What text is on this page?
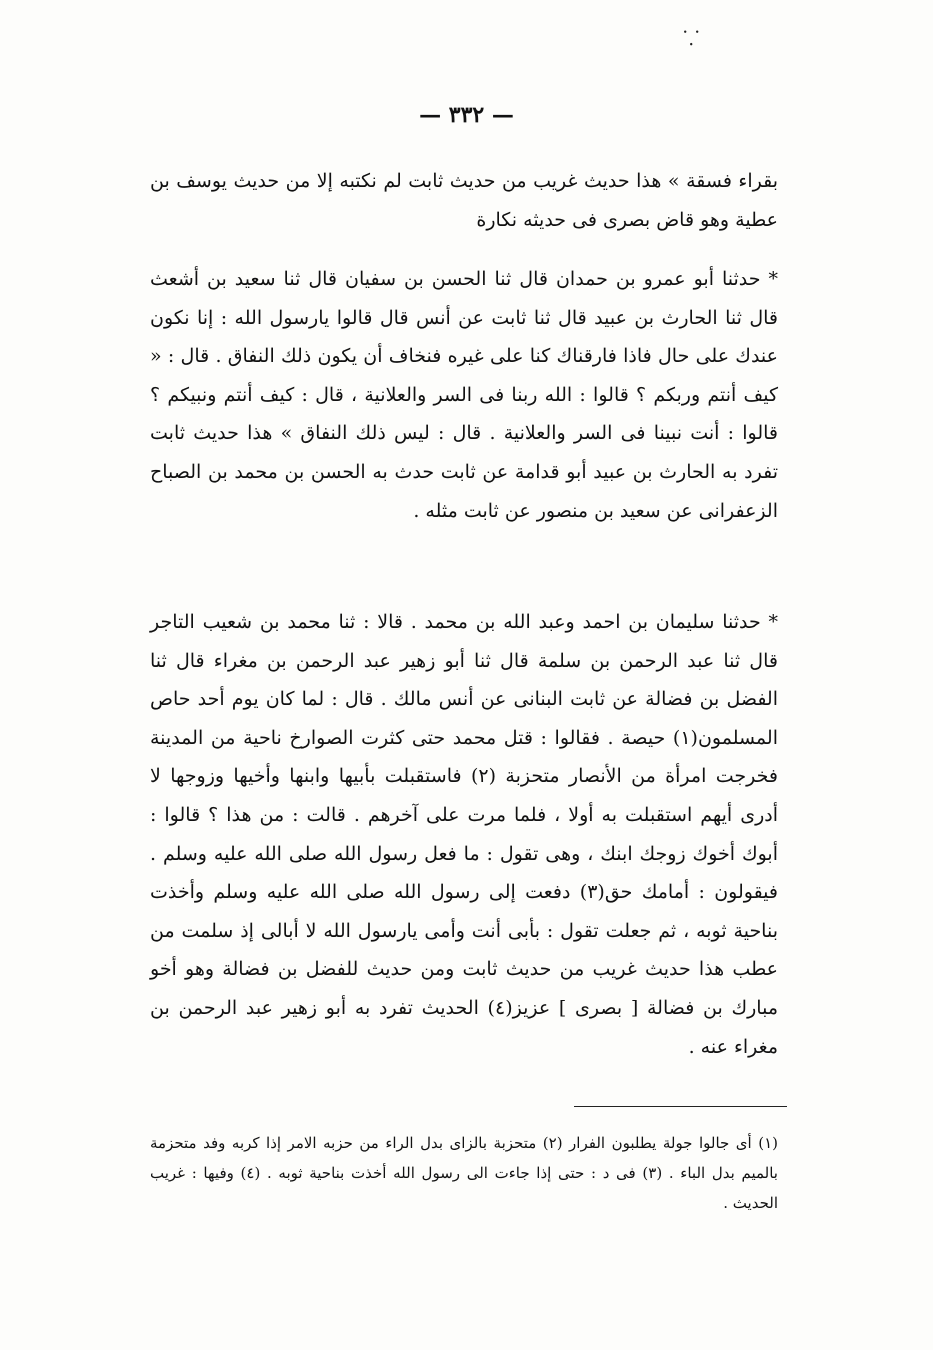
⸪
— ٣٣٢ —

بقراء فسقة » هذا حديث غريب من حديث ثابت لم نكتبه إلا من حديث يوسف بن عطية وهو قاض بصرى فى حديثه نكارة

* حدثنا أبو عمرو بن حمدان قال ثنا الحسن بن سفيان قال ثنا سعيد بن أشعث قال ثنا الحارث بن عبيد قال ثنا ثابت عن أنس قال قالوا يارسول الله : إنا نكون عندك على حال فاذا فارقناك كنا على غيره فنخاف أن يكون ذلك النفاق . قال : « كيف أنتم وربكم ؟ قالوا : الله ربنا فى السر والعلانية ، قال : كيف أنتم ونبيكم ؟ قالوا : أنت نبينا فى السر والعلانية . قال : ليس ذلك النفاق » هذا حديث ثابت تفرد به الحارث بن عبيد أبو قدامة عن ثابت حدث به الحسن بن محمد بن الصباح الزعفرانى عن سعيد بن منصور عن ثابت مثله .

* حدثنا سليمان بن احمد وعبد الله بن محمد . قالا : ثنا محمد بن شعيب التاجر قال ثنا عبد الرحمن بن سلمة قال ثنا أبو زهير عبد الرحمن بن مغراء قال ثنا الفضل بن فضالة عن ثابت البنانى عن أنس مالك . قال : لما كان يوم أحد حاص المسلمون(١) حيصة . فقالوا : قتل محمد حتى كثرت الصوارخ ناحية من المدينة فخرجت امرأة من الأنصار متحزبة (٢) فاستقبلت بأبيها وابنها وأخيها وزوجها لا أدرى أيهم استقبلت به أولا ، فلما مرت على آخرهم . قالت : من هذا ؟ قالوا : أبوك أخوك زوجك ابنك ، وهى تقول : ما فعل رسول الله صلى الله عليه وسلم . فيقولون : أمامك حق(٣) دفعت إلى رسول الله صلى الله عليه وسلم وأخذت بناحية ثوبه ، ثم جعلت تقول : بأبى أنت وأمى يارسول الله لا أبالى إذ سلمت من عطب هذا حديث غريب من حديث ثابت ومن حديث للفضل بن فضالة وهو أخو مبارك بن فضالة [ بصرى ] عزيز(٤) الحديث تفرد به أبو زهير عبد الرحمن بن مغراء عنه .

(١) أى جالوا جولة يطلبون الفرار (٢) متحزبة بالزاى بدل الراء من حزبه الامر إذا كربه وفد متحزمة بالميم بدل الباء . (٣) فى د : حتى إذا جاءت الى رسول الله أخذت بناحية ثوبه . (٤) وفيها : غريب الحديث .
